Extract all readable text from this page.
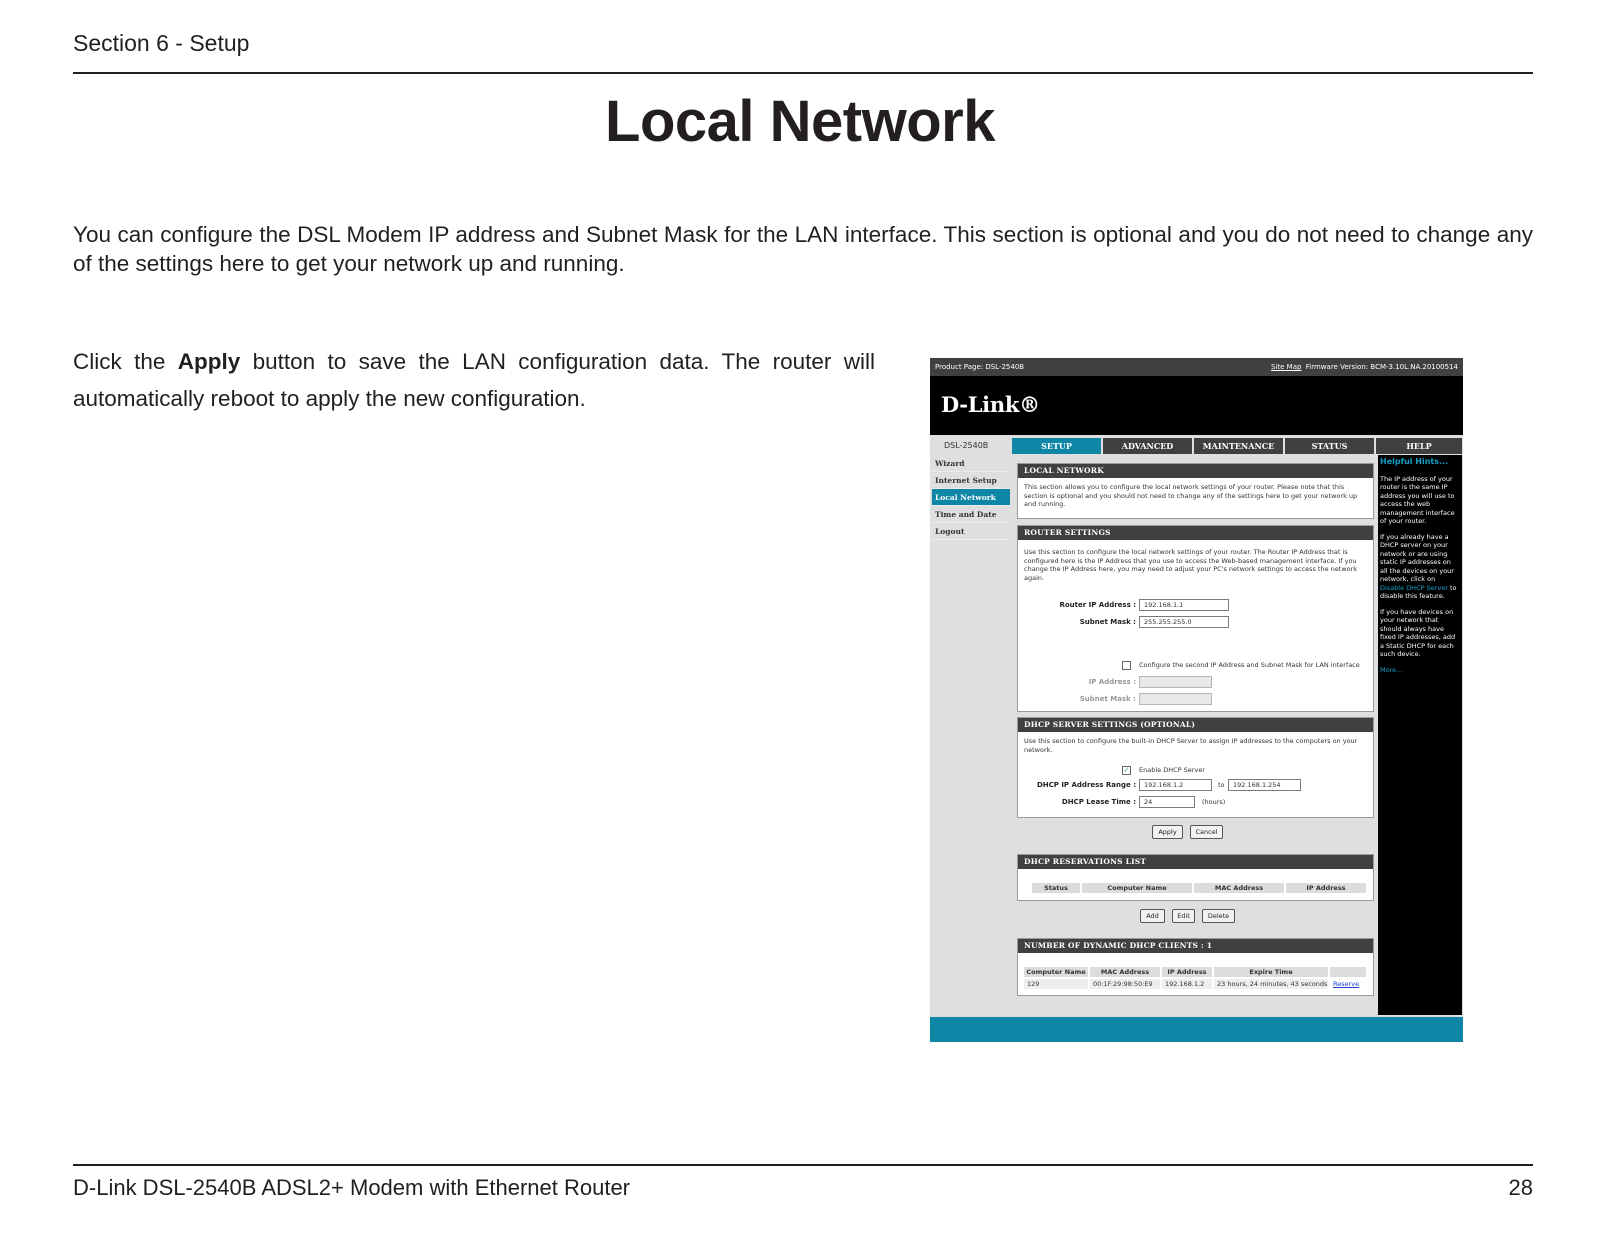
Section 6 - Setup
Local Network

You can configure the DSL Modem IP address and Subnet Mask for the LAN interface. This section is optional and you do not need to change any of the settings here to get your network up and running.

Click the Apply button to save the LAN configuration data. The router will automatically reboot to apply the new configuration.

Product Page: DSL-2540B	Site Map Firmware Version: BCM-3.10L.NA.20100514
D-Link®
DSL-2540B	SETUP	ADVANCED	MAINTENANCE	STATUS	HELP
Wizard
Internet Setup
Local Network
Time and Date
Logout
LOCAL NETWORK
This section allows you to configure the local network settings of your router. Please note that this section is optional and you should not need to change any of the settings here to get your network up and running.
ROUTER SETTINGS
Use this section to configure the local network settings of your router. The Router IP Address that is configured here is the IP Address that you use to access the Web-based management interface. If you change the IP Address here, you may need to adjust your PC's network settings to access the network again.
Router IP Address :	192.168.1.1
Subnet Mask :	255.255.255.0
Configure the second IP Address and Subnet Mask for LAN interface
IP Address :
Subnet Mask :
DHCP SERVER SETTINGS (OPTIONAL)
Use this section to configure the built-in DHCP Server to assign IP addresses to the computers on your network.
✓ Enable DHCP Server
DHCP IP Address Range :	192.168.1.2	to	192.168.1.254
DHCP Lease Time :	24	(hours)
Apply	Cancel
DHCP RESERVATIONS LIST
Status	Computer Name	MAC Address	IP Address
Add	Edit	Delete
NUMBER OF DYNAMIC DHCP CLIENTS : 1
Computer Name	MAC Address	IP Address	Expire Time
129	00:1F:29:98:50:E9	192.168.1.2	23 hours, 24 minutes, 43 seconds Reserve
Helpful Hints...

The IP address of your router is the same IP address you will use to access the web management interface of your router.

If you already have a DHCP server on your network or are using static IP addresses on all the devices on your network, click on Disable DHCP Server to disable this feature.

If you have devices on your network that should always have fixed IP addresses, add a Static DHCP for each such device.

More...

D-Link DSL-2540B ADSL2+ Modem with Ethernet Router	28
